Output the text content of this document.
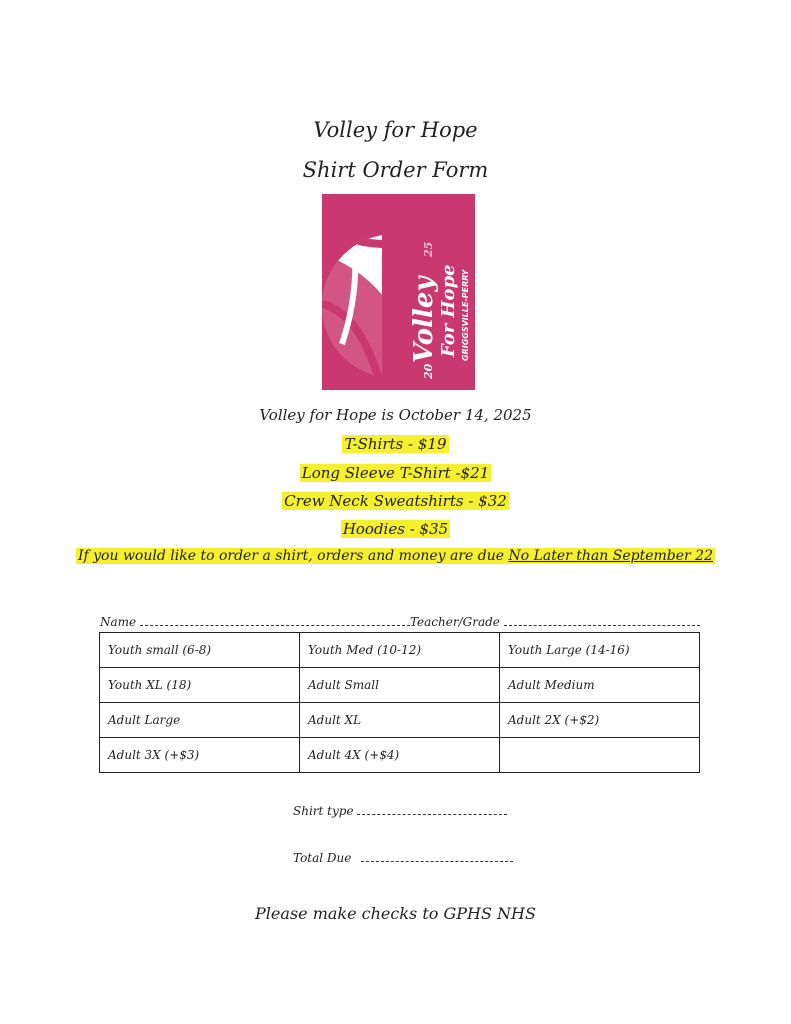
Volley for Hope
Shirt Order Form
20
Volley
25
For Hope GRIGGSVILLE-PERRY
Volley for Hope is October 14, 2025
T-Shirts - $19
Long Sleeve T-Shirt -$21
Crew Neck Sweatshirts - $32
Hoodies - $35
If you would like to order a shirt, orders and money are due No Later than September 22
Name	Teacher/Grade
Youth small (6-8)	Youth Med (10-12)	Youth Large (14-16)
Youth XL (18)	Adult Small	Adult Medium
Adult Large	Adult XL	Adult 2X (+$2)
Adult 3X (+$3)	Adult 4X (+$4)	
Shirt type
Total Due
Please make checks to GPHS NHS
